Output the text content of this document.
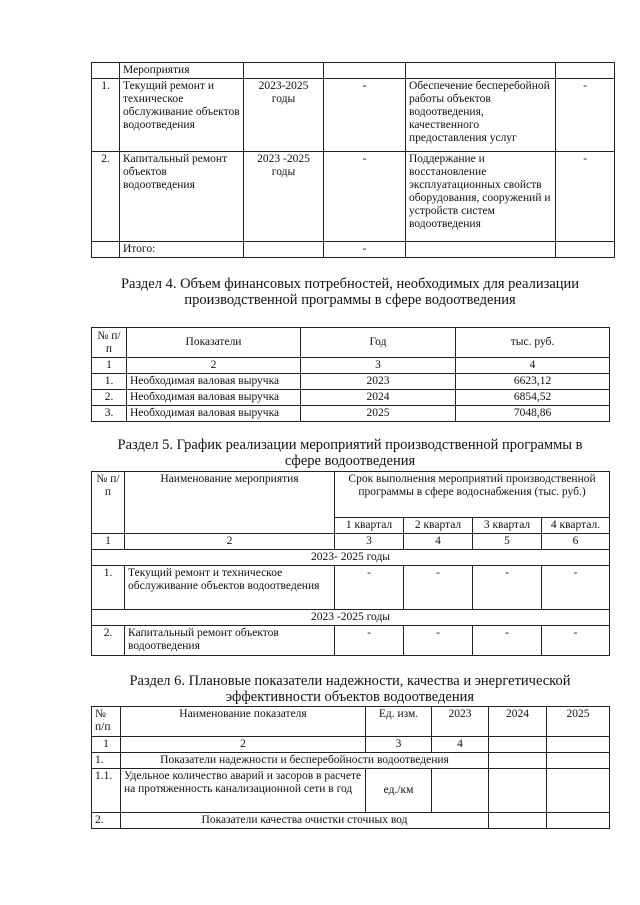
	Мероприятия				
1.	Текущий ремонт и техническое обслуживание объектов водоотведения	2023-2025 годы	-	Обеспечение бесперебойной работы объектов водоотведения, качественного предоставления услуг	-
2.	Капитальный ремонт объектов водоотведения	2023 -2025 годы	-	Поддержание и восстановление эксплуатационных свойств оборудования, сооружений и устройств систем водоотведения	-
	Итого:		-		
Раздел 4. Объем финансовых потребностей, необходимых для реализации
производственной программы в сфере водоотведения
№ п/п	Показатели	Год	тыс. руб.
1	2	3	4
1.	Необходимая валовая выручка	2023	6623,12
2.	Необходимая валовая выручка	2024	6854,52
3.	Необходимая валовая выручка	2025	7048,86
Раздел 5. График реализации мероприятий производственной программы в
сфере водоотведения
№ п/п	Наименование мероприятия	Срок выполнения мероприятий производственной программы в сфере водоснабжения (тыс. руб.)			
		1 квартал	2 квартал	3 квартал	4 квартал.
1	2	3	4	5	6
2023- 2025 годы					
1.	Текущий ремонт и техническое обслуживание объектов водоотведения	-	-	-	-
2023 -2025 годы					
2.	Капитальный ремонт объектов водоотведения	-	-	-	-
Раздел 6. Плановые показатели надежности, качества и энергетической
эффективности объектов водоотведения
№ п/п	Наименование показателя	Ед. изм.	2023	2024	2025
1	2	3	4		
1.	Показатели надежности и бесперебойности водоотведения				
1.1.	Удельное количество аварий и засоров в расчете на протяженность канализационной сети в год	ед./км			
2.	Показатели качества очистки сточных вод				
